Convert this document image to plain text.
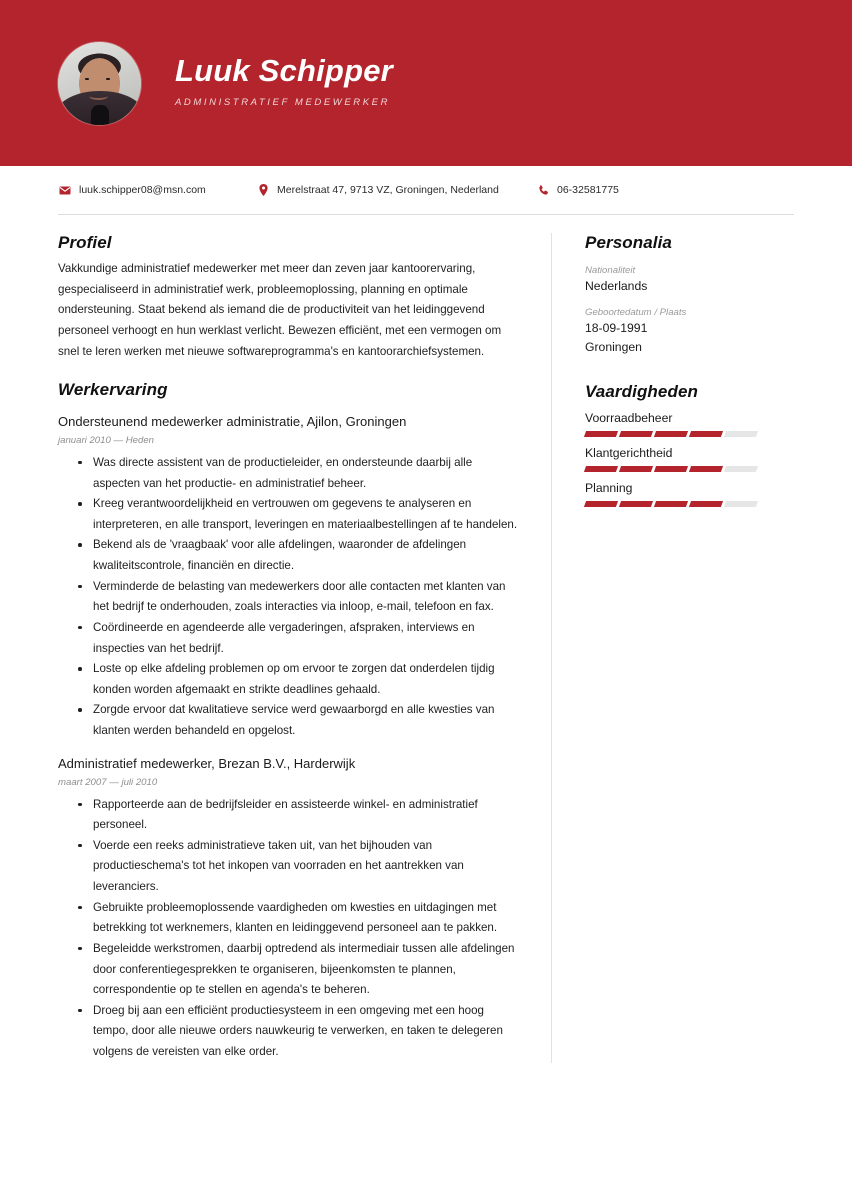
Luuk Schipper
ADMINISTRATIEF MEDEWERKER
luuk.schipper08@msn.com	Merelstraat 47, 9713 VZ, Groningen, Nederland	06-32581775
Profiel

Vakkundige administratief medewerker met meer dan zeven jaar kantoorervaring, gespecialiseerd in administratief werk, probleemoplossing, planning en optimale ondersteuning. Staat bekend als iemand die de productiviteit van het leidinggevend personeel verhoogt en hun werklast verlicht. Bewezen efficiënt, met een vermogen om snel te leren werken met nieuwe softwareprogramma's en kantoorarchiefsystemen.

Werkervaring
Ondersteunend medewerker administratie, Ajilon, Groningen
januari 2010 — Heden
Was directe assistent van de productieleider, en ondersteunde daarbij alle aspecten van het productie- en administratief beheer.
Kreeg verantwoordelijkheid en vertrouwen om gegevens te analyseren en interpreteren, en alle transport, leveringen en materiaalbestellingen af te handelen.
Bekend als de 'vraagbaak' voor alle afdelingen, waaronder de afdelingen kwaliteitscontrole, financiën en directie.
Verminderde de belasting van medewerkers door alle contacten met klanten van het bedrijf te onderhouden, zoals interacties via inloop, e-mail, telefoon en fax.
Coördineerde en agendeerde alle vergaderingen, afspraken, interviews en inspecties van het bedrijf.
Loste op elke afdeling problemen op om ervoor te zorgen dat onderdelen tijdig konden worden afgemaakt en strikte deadlines gehaald.
Zorgde ervoor dat kwalitatieve service werd gewaarborgd en alle kwesties van klanten werden behandeld en opgelost.
Administratief medewerker, Brezan B.V., Harderwijk
maart 2007 — juli 2010
Rapporteerde aan de bedrijfsleider en assisteerde winkel- en administratief personeel.
Voerde een reeks administratieve taken uit, van het bijhouden van productieschema's tot het inkopen van voorraden en het aantrekken van leveranciers.
Gebruikte probleemoplossende vaardigheden om kwesties en uitdagingen met betrekking tot werknemers, klanten en leidinggevend personeel aan te pakken.
Begeleidde werkstromen, daarbij optredend als intermediair tussen alle afdelingen door conferentiegesprekken te organiseren, bijeenkomsten te plannen, correspondentie op te stellen en agenda's te beheren.
Droeg bij aan een efficiënt productiesysteem in een omgeving met een hoog tempo, door alle nieuwe orders nauwkeurig te verwerken, en taken te delegeren volgens de vereisten van elke order.
Personalia
Nationaliteit
Nederlands
Geboortedatum / Plaats
18-09-1991
Groningen
Vaardigheden
Voorraadbeheer
Klantgerichtheid
Planning
